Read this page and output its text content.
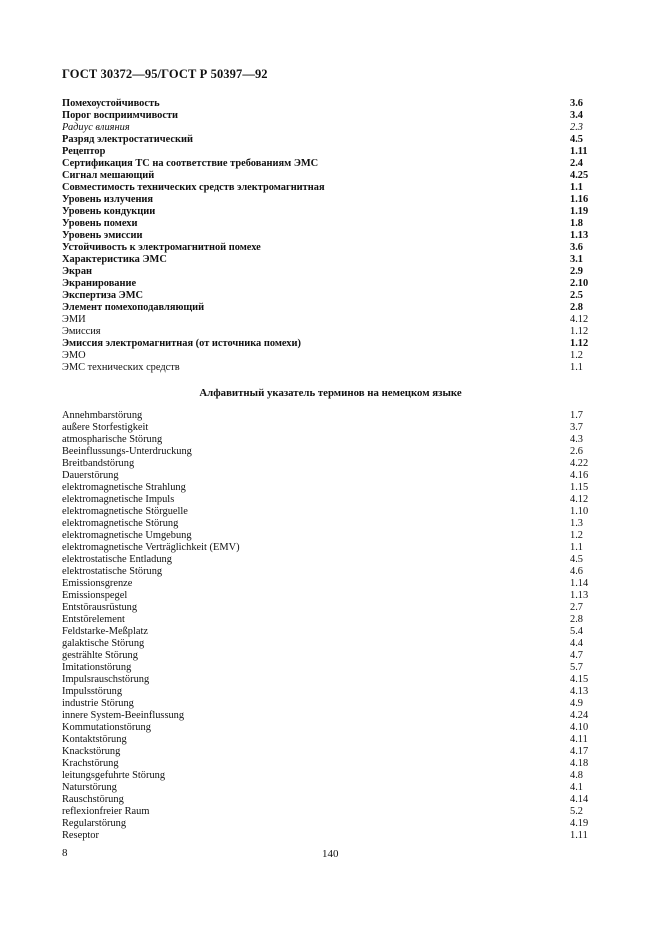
ГОСТ 30372—95/ГОСТ Р 50397—92
Помехоустойчивость	3.6
Порог восприимчивости	3.4
Радиус влияния	2.3
Разряд электростатический	4.5
Рецептор	1.11
Сертификация ТС на соответствие требованиям ЭМС	2.4
Сигнал мешающий	4.25
Совместимость технических средств электромагнитная	1.1
Уровень излучения	1.16
Уровень кондукции	1.19
Уровень помехи	1.8
Уровень эмиссии	1.13
Устойчивость к электромагнитной помехе	3.6
Характеристика ЭМС	3.1
Экран	2.9
Экранирование	2.10
Экспертиза ЭМС	2.5
Элемент помехоподавляющий	2.8
ЭМИ	4.12
Эмиссия	1.12
Эмиссия электромагнитная (от источника помехи)	1.12
ЭМО	1.2
ЭМС технических средств	1.1
Алфавитный указатель терминов на немецком языке
Annehmbarstörung	1.7
außere Storfestigkeit	3.7
atmospharische Störung	4.3
Beeinflussungs-Unterdruckung	2.6
Breitbandstörung	4.22
Dauerstörung	4.16
elektromagnetische Strahlung	1.15
elektromagnetische Impuls	4.12
elektromagnetische Störguelle	1.10
elektromagnetische Störung	1.3
elektromagnetische Umgebung	1.2
elektromagnetische Verträglichkeit (EMV)	1.1
elektrostatische Entladung	4.5
elektrostatische Störung	4.6
Emissionsgrenze	1.14
Emissionspegel	1.13
Entstörausrüstung	2.7
Entstörelement	2.8
Feldstarke-Meßplatz	5.4
galaktische Störung	4.4
gestrählte Störung	4.7
Imitationstörung	5.7
Impulsrauschstörung	4.15
Impulsstörung	4.13
industrie Störung	4.9
innere System-Beeinflussung	4.24
Kommutationstörung	4.10
Kontaktstörung	4.11
Knackstörung	4.17
Krachstörung	4.18
leitungsgefuhrte Störung	4.8
Naturstörung	4.1
Rauschstörung	4.14
reflexionfreier Raum	5.2
Regularstörung	4.19
Reseptor	1.11
8	140
